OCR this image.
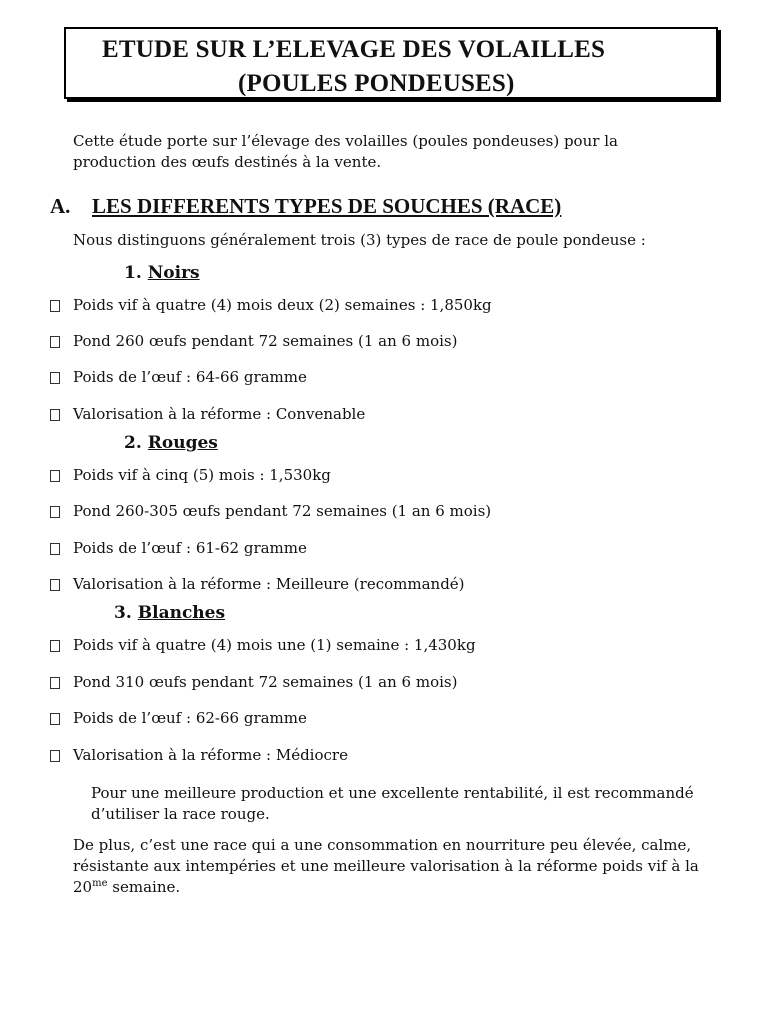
ETUDE SUR L’ELEVAGE DES VOLAILLES
(POULES PONDEUSES)
Cette étude porte sur l’élevage des volailles (poules pondeuses) pour la production des œufs destinés à la vente.
A. LES DIFFERENTS TYPES DE SOUCHES (RACE)
Nous distinguons généralement trois (3) types de race de poule pondeuse :
1. Noirs
Poids vif à quatre (4) mois deux (2) semaines : 1,850kg
Pond 260 œufs pendant 72 semaines (1 an 6 mois)
Poids de l’œuf : 64-66 gramme
Valorisation à la réforme : Convenable
2. Rouges
Poids vif à cinq (5) mois : 1,530kg
Pond 260-305 œufs pendant 72 semaines (1 an 6 mois)
Poids de l’œuf : 61-62 gramme
Valorisation à la réforme : Meilleure (recommandé)
3. Blanches
Poids vif à quatre (4) mois une (1) semaine : 1,430kg
Pond 310 œufs pendant 72 semaines (1 an 6 mois)
Poids de l’œuf : 62-66 gramme
Valorisation à la réforme : Médiocre
Pour une meilleure production et une excellente rentabilité, il est recommandé d’utiliser la race rouge.
De plus, c’est une race qui a une consommation en nourriture peu élevée, calme, résistante aux intempéries et une meilleure valorisation à la réforme poids vif à la $20^{me}$ semaine.
